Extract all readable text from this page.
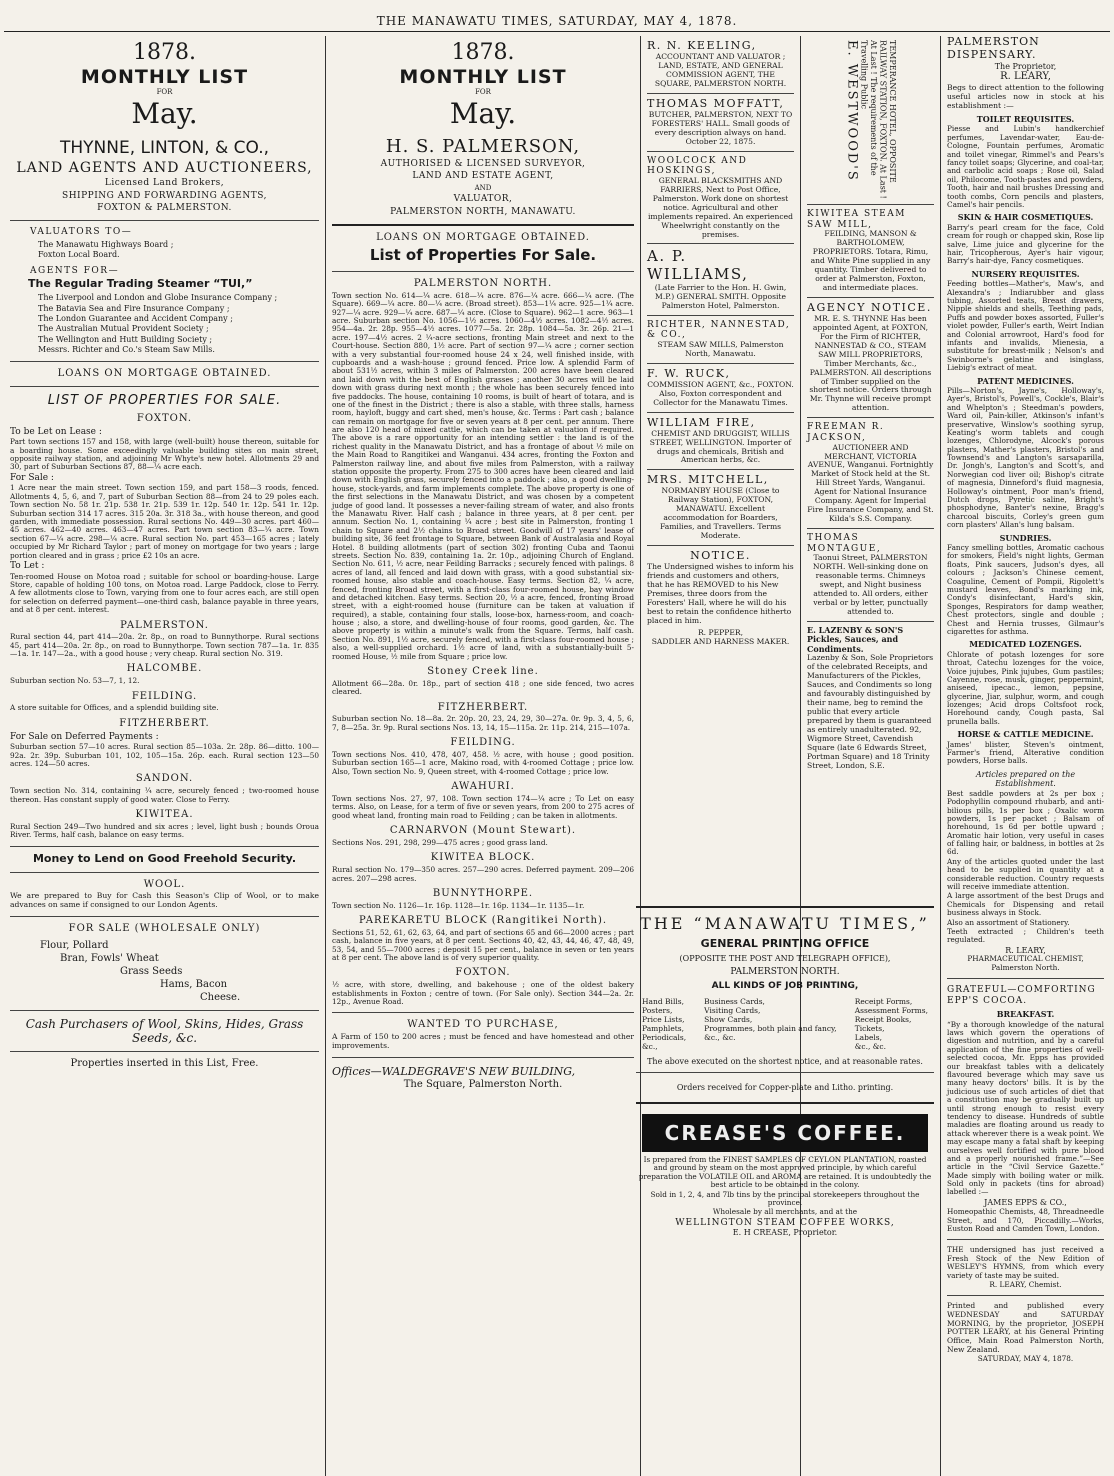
THE MANAWATU TIMES, SATURDAY, MAY 4, 1878.
1878.
MONTHLY LIST
FOR
May.
THYNNE, LINTON, & CO.,
LAND AGENTS AND AUCTIONEERS,
Licensed Land Brokers,
SHIPPING AND FORWARDING AGENTS,
FOXTON & PALMERSTON.
VALUATORS TO—
The Manawatu Highways Board ;
Foxton Local Board.
AGENTS FOR—
The Regular Trading Steamer “TUI,”
The Liverpool and London and Globe Insurance Company ;
The Batavia Sea and Fire Insurance Company ;
The London Guarantee and Accident Company ;
The Australian Mutual Provident Society ;
The Wellington and Hutt Building Society ;
Messrs. Richter and Co.'s Steam Saw Mills.
LOANS ON MORTGAGE OBTAINED.
LIST OF PROPERTIES FOR SALE.
FOXTON.
To be Let on Lease :
Part town sections 157 and 158, with large (well-built) house thereon, suitable for a boarding house. Some exceedingly valuable building sites on main street, opposite railway station, and adjoining Mr Whyte's new hotel. Allotments 29 and 30, part of Suburban Sections 87, 88—¼ acre each.
For Sale :
1 Acre near the main street. Town section 159, and part 158—3 roods, fenced. Allotments 4, 5, 6, and 7, part of Suburban Section 88—from 24 to 29 poles each. Town section No. 58 1r. 21p. 538 1r. 21p. 539 1r. 12p. 540 1r. 12p. 541 1r. 12p. Suburban section 314 17 acres. 315 20a. 3r. 318 3a., with house thereon, and good garden, with immediate possession. Rural sections No. 449—30 acres. part 460—45 acres. 462—40 acres. 463—47 acres. Part town section 83—¼ acre. Town section 67—¼ acre. 298—¼ acre. Rural section No. part 453—165 acres ; lately occupied by Mr Richard Taylor ; part of money on mortgage for two years ; large portion cleared and in grass ; price £2 10s an acre.
To Let :
Ten-roomed House on Motoa road ; suitable for school or boarding-house. Large Store, capable of holding 100 tons, on Motoa road. Large Paddock, close to Ferry. A few allotments close to Town, varying from one to four acres each, are still open for selection on deferred payment—one-third cash, balance payable in three years, and at 8 per cent. interest.
PALMERSTON.
Rural section 44, part 414—20a. 2r. 8p., on road to Bunnythorpe. Rural sections 45, part 414—20a. 2r. 8p., on road to Bunnythorpe. Town section 787—1a. 1r. 835—1a. 1r. 147—2a., with a good house ; very cheap. Rural section No. 319.
HALCOMBE.
Suburban section No. 53—7, 1, 12.
FEILDING.
A store suitable for Offices, and a splendid building site.
FITZHERBERT.
For Sale on Deferred Payments :
Suburban section 57—10 acres. Rural section 85—103a. 2r. 28p. 86—ditto. 100—92a. 2r. 39p. Suburban 101, 102, 105—15a. 26p. each. Rural section 123—50 acres. 124—50 acres.
SANDON.
Town section No. 314, containing ¼ acre, securely fenced ; two-roomed house thereon. Has constant supply of good water. Close to Ferry.
KIWITEA.
Rural Section 249—Two hundred and six acres ; level, light bush ; bounds Oroua River. Terms, half cash, balance on easy terms.
Money to Lend on Good Freehold Security.
WOOL.
We are prepared to Buy for Cash this Season's Clip of Wool, or to make advances on same if consigned to our London Agents.
FOR SALE (WHOLESALE ONLY)
Flour, Pollard
Bran, Fowls' Wheat
Grass Seeds
Hams, Bacon
Cheese.
Cash Purchasers of Wool, Skins, Hides, Grass Seeds, &c.
Properties inserted in this List, Free.
1878.
MONTHLY LIST
FOR
May.
H. S. PALMERSON,
AUTHORISED & LICENSED SURVEYOR,
LAND AND ESTATE AGENT,
AND
VALUATOR,
PALMERSTON NORTH, MANAWATU.
LOANS ON MORTGAGE OBTAINED.
List of Properties For Sale.
PALMERSTON NORTH.
Town section No. 614—¼ acre. 618—¼ acre. 876—¼ acre. 666—¼ acre. (The Square). 669—¼ acre. 80—¼ acre. (Broad street). 853—1¼ acre. 925—1¼ acre. 927—¼ acre. 929—¼ acre. 687—¼ acre. (Close to Square). 962—1 acre. 963—1 acre. Suburban section No. 1056—1½ acres. 1060—4½ acres. 1082—4½ acres. 954—4a. 2r. 28p. 955—4½ acres. 1077—5a. 2r. 28p. 1084—5a. 3r. 26p. 21—1 acre. 197—4½ acres. 2 ¼-acre sections, fronting Main street and next to the Court-house. Section 880, 1½ acre. Part of section 97—¼ acre ; corner section with a very substantial four-roomed house 24 x 24, well finished inside, with cupboards and a wash-house ; ground fenced. Price low. A splendid Farm of about 531½ acres, within 3 miles of Palmerston. 200 acres have been cleared and laid down with the best of English grasses ; another 30 acres will be laid down with grass during next month ; the whole has been securely fenced into five paddocks. The house, containing 10 rooms, is built of heart of totara, and is one of the finest in the District ; there is also a stable, with three stalls, harness room, hayloft, buggy and cart shed, men's house, &c. Terms : Part cash ; balance can remain on mortgage for five or seven years at 8 per cent. per annum. There are also 120 head of mixed cattle, which can be taken at valuation if required. The above is a rare opportunity for an intending settler : the land is of the richest quality in the Manawatu District, and has a frontage of about ½ mile on the Main Road to Rangitikei and Wanganui. 434 acres, fronting the Foxton and Palmerston railway line, and about five miles from Palmerston, with a railway station opposite the property. From 275 to 300 acres have been cleared and laid down with English grass, securely fenced into a paddock ; also, a good dwelling-house, stock-yards, and farm implements complete. The above property is one of the first selections in the Manawatu District, and was chosen by a competent judge of good land. It possesses a never-failing stream of water, and also fronts the Manawatu River. Half cash ; balance in three years, at 8 per cent. per annum. Section No. 1, containing ¼ acre ; best site in Palmerston, fronting 1 chain to Square and 2½ chains to Broad street. Goodwill of 17 years' lease of building site, 36 feet frontage to Square, between Bank of Australasia and Royal Hotel. 8 building allotments (part of section 302) fronting Cuba and Taonui streets. Section No. 839, containing 1a. 2r. 10p., adjoining Church of England. Section No. 611, ½ acre, near Feilding Barracks ; securely fenced with palings. 8 acres of land, all fenced and laid down with grass, with a good substantial six-roomed house, also stable and coach-house. Easy terms. Section 82, ¼ acre, fenced, fronting Broad street, with a first-class four-roomed house, bay window and detached kitchen. Easy terms. Section 20, ½ a acre, fenced, fronting Broad street, with a eight-roomed house (furniture can be taken at valuation if required), a stable, containing four stalls, loose-box, harness-room, and coach-house ; also, a store, and dwelling-house of four rooms, good garden, &c. The above property is within a minute's walk from the Square. Terms, half cash. Section No. 891, 1½ acre, securely fenced, with a first-class four-roomed house ; also, a well-supplied orchard. 1½ acre of land, with a substantially-built 5-roomed House, ½ mile from Square ; price low.
Stoney Creek line.
Allotment 66—28a. 0r. 18p., part of section 418 ; one side fenced, two acres cleared.
FITZHERBERT.
Suburban section No. 18—8a. 2r. 20p. 20, 23, 24, 29, 30—27a. 0r. 9p. 3, 4, 5, 6, 7, 8—25a. 3r. 9p. Rural sections Nos. 13, 14, 15—115a. 2r. 11p. 214, 215—107a.
FEILDING.
Town sections Nos. 410, 478, 407, 458. ½ acre, with house ; good position. Suburban section 165—1 acre, Makino road, with 4-roomed Cottage ; price low. Also, Town section No. 9, Queen street, with 4-roomed Cottage ; price low.
AWAHURI.
Town sections Nos. 27, 97, 108. Town section 174—¼ acre ; To Let on easy terms. Also, on Lease, for a term of five or seven years, from 200 to 275 acres of good wheat land, fronting main road to Feilding ; can be taken in allotments.
CARNARVON (Mount Stewart).
Sections Nos. 291, 298, 299—475 acres ; good grass land.
KIWITEA BLOCK.
Rural section No. 179—350 acres. 257—290 acres. Deferred payment. 209—206 acres. 207—298 acres.
BUNNYTHORPE.
Town section No. 1126—1r. 16p. 1128—1r. 16p. 1134—1r. 1135—1r.
PAREKARETU BLOCK (Rangitikei North).
Sections 51, 52, 61, 62, 63, 64, and part of sections 65 and 66—2000 acres ; part cash, balance in five years, at 8 per cent. Sections 40, 42, 43, 44, 46, 47, 48, 49, 53, 54, and 55—7000 acres ; deposit 15 per cent., balance in seven or ten years at 8 per cent. The above land is of very superior quality.
FOXTON.
½ acre, with store, dwelling, and bakehouse ; one of the oldest bakery establishments in Foxton ; centre of town. (For Sale only). Section 344—2a. 2r. 12p., Avenue Road.
WANTED TO PURCHASE,
A Farm of 150 to 200 acres ; must be fenced and have homestead and other improvements.
Offices—WALDEGRAVE'S NEW BUILDING,
The Square, Palmerston North.
R. N. KEELING,
ACCOUNTANT AND VALUATOR ; LAND, ESTATE, AND GENERAL COMMISSION AGENT, THE SQUARE, PALMERSTON NORTH.
THOMAS MOFFATT,
BUTCHER, PALMERSTON, NEXT TO FORESTERS' HALL. Small goods of every description always on hand. October 22, 1875.
WOOLCOCK AND HOSKINGS,
GENERAL BLACKSMITHS AND FARRIERS, Next to Post Office, Palmerston. Work done on shortest notice. Agricultural and other implements repaired. An experienced Wheelwright constantly on the premises.
A. P. WILLIAMS,
(Late Farrier to the Hon. H. Gwin, M.P.) GENERAL SMITH. Opposite Palmerston Hotel, Palmerston.
RICHTER, NANNESTAD, & CO.,
STEAM SAW MILLS, Palmerston North, Manawatu.
F. W. RUCK,
COMMISSION AGENT, &c., FOXTON. Also, Foxton correspondent and Collector for the Manawatu Times.
WILLIAM FIRE,
CHEMIST AND DRUGGIST, WILLIS STREET, WELLINGTON. Importer of drugs and chemicals, British and American herbs, &c.
MRS. MITCHELL,
NORMANBY HOUSE (Close to Railway Station), FOXTON, MANAWATU. Excellent accommodation for Boarders, Families, and Travellers. Terms Moderate.
NOTICE.
The Undersigned wishes to inform his friends and customers and others, that he has REMOVED to his New Premises, three doors from the Foresters' Hall, where he will do his best to retain the confidence hitherto placed in him.
R. PEPPER,
SADDLER AND HARNESS MAKER.
E. WESTWOOD'S	TEMPERANCE HOTEL, OPPOSITE RAILWAY STATION, FOXTON. At Last ! At Last ! The requirements of the Travelling Public
KIWITEA STEAM SAW MILL,
FEILDING, MANSON & BARTHOLOMEW, PROPRIETORS. Totara, Rimu, and White Pine supplied in any quantity. Timber delivered to order at Palmerston, Foxton, and intermediate places.
AGENCY NOTICE.
MR. E. S. THYNNE Has been appointed Agent, at FOXTON, For the Firm of RICHTER, NANNESTAD & CO., STEAM SAW MILL PROPRIETORS, Timber Merchants, &c., PALMERSTON. All descriptions of Timber supplied on the shortest notice. Orders through Mr. Thynne will receive prompt attention.
FREEMAN R. JACKSON,
AUCTIONEER AND MERCHANT, VICTORIA AVENUE, Wanganui. Fortnightly Market of Stock held at the St. Hill Street Yards, Wanganui. Agent for National Insurance Company. Agent for Imperial Fire Insurance Company, and St. Kilda's S.S. Company.
THOMAS MONTAGUE,
Taonui Street, PALMERSTON NORTH. Well-sinking done on reasonable terms. Chimneys swept, and Night business attended to. All orders, either verbal or by letter, punctually attended to.
E. LAZENBY & SON'S Pickles, Sauces, and Condiments.
Lazenby & Son, Sole Proprietors of the celebrated Receipts, and Manufacturers of the Pickles, Sauces, and Condiments so long and favourably distinguished by their name, beg to remind the public that every article prepared by them is guaranteed as entirely unadulterated. 92, Wigmore Street, Cavendish Square (late 6 Edwards Street, Portman Square) and 18 Trinity Street, London, S.E.
PALMERSTON DISPENSARY.
The Proprietor,
R. LEARY,
Begs to direct attention to the following useful articles now in stock at his establishment :—
TOILET REQUISITES.
Piesse and Lubin's handkerchief perfumes, Lavendar-water, Eau-de-Cologne, Fountain perfumes, Aromatic and toilet vinegar, Rimmel's and Pears's fancy toilet soaps; Glycerine, and coal-tar, and carbolic acid soaps ; Rose oil, Salad oil, Philocome, Tooth-pastes and powders, Tooth, hair and nail brushes Dressing and tooth combs, Corn pencils and plasters, Camel's hair pencils.
SKIN & HAIR COSMETIQUES.
Barry's pearl cream for the face, Cold cream for rough or chapped skin, Rose lip salve, Lime juice and glycerine for the hair, Tricopherous, Ayer's hair vigour, Barry's hair-dye, Fancy cosmetiques.
NURSERY REQUISITES.
Feeding bottles—Mather's, Maw's, and Alexandra's ; Indiarubber and glass tubing, Assorted teats, Breast drawers, Nipple shields and shells, Teething pads, Puffs and powder boxes assorted, Fuller's violet powder, Fuller's earth, Weirt Indian and Colonial arrowroot, Hard's food for infants and invalids, Mienesia, a substitute for breast-milk ; Nelson's and Swinborne's gelatine and isinglass, Liebig's extract of meat.
PATENT MEDICINES.
Pills—Norton's, Jayne's, Holloway's, Ayer's, Bristol's, Powell's, Cockle's, Blair's and Whelpton's ; Steedman's powders, Ward oil, Pain-killer, Atkinson's infant's preservative, Winslow's soothing syrup, Keating's worm tablets and cough lozenges, Chlorodyne, Alcock's porous plasters, Mather's plasters, Bristol's and Townsend's and Langton's sarsaparilla, Dr. Jongh's, Langton's and Scott's, and Norwegian cod liver oil; Bishop's citrate of magnesia, Dinneford's fluid magnesia, Holloway's ointment, Poor man's friend, Dutch drops, Pyretic saline, Bright's phosphodyne, Banter's nexine, Bragg's charcoal biscuits, Corley's green gum corn plasters' Allan's lung balsam.
SUNDRIES.
Fancy smelling bottles, Aromatic cachous for smokers, Field's night lights, German floats, Pink saucers, Judson's dyes, all colours ; Jackson's Chinese cement, Coaguline, Cement of Pompii, Rigolett's mustard leaves, Bond's marking ink, Condy's disinfectant, Hard's skin, Sponges, Respirators for damp weather, Chest protectors, single and double ; Chest and Hernia trusses, Gilmaur's cigarettes for asthma.
MEDICATED LOZENGES.
Chlorate of potash lozenges for sore throat, Catechu lozenges for the voice, Voice jujubes, Pink jujubes, Gum pastiles; Cayenne, rose, musk, ginger, peppermint, aniseed, ipecac., lemon, pepsine, glycerine, Jiar, sulphur, worm, and cough lozenges; Acid drops Coltsfoot rock, Horehound candy, Cough pasta, Sal prunella balls.
HORSE & CATTLE MEDICINE.
James' blister, Steven's ointment, Farmer's friend, Alterative condition powders, Horse balls.
Articles prepared on the Establishment.
Best saddle powders at 2s per box ; Podophyllin compound rhubarb, and anti-bilious pills, 1s per box ; Oxalic worm powders, 1s per packet ; Balsam of horehound, 1s 6d per bottle upward ; Aromatic hair lotion, very useful in cases of falling hair, or baldness, in bottles at 2s 6d.
Any of the articles quoted under the last head to be supplied in quantity at a considerable reduction. Country requests will receive immediate attention.
A large assortment of the best Drugs and Chemicals for Dispensing and retail business always in Stock.
Also an assortment of Stationery.
Teeth extracted ; Children's teeth regulated.
R. LEARY,
PHARMACEUTICAL CHEMIST, Palmerston North.
GRATEFUL—COMFORTING EPP'S COCOA.
BREAKFAST.
“By a thorough knowledge of the natural laws which govern the operations of digestion and nutrition, and by a careful application of the fine properties of well-selected cocoa, Mr. Epps has provided our breakfast tables with a delicately flavoured beverage which may save us many heavy doctors' bills. It is by the judicious use of such articles of diet that a constitution may be gradually built up until strong enough to resist every tendency to disease. Hundreds of subtle maladies are floating around us ready to attack wherever there is a weak point. We may escape many a fatal shaft by keeping ourselves well fortified with pure blood and a properly nourished frame.”—See article in the “Civil Service Gazette.” Made simply with boiling water or milk. Sold only in packets (tins for abroad) labelled :—
JAMES EPPS & CO.,
Homeopathic Chemists, 48, Threadneedle Street, and 170, Piccadilly.—Works, Euston Road and Camden Town, London.
THE undersigned has just received a Fresh Stock of the New Edition of WESLEY'S HYMNS, from which every variety of taste may be suited.
R. LEARY, Chemist.
Printed and published every WEDNESDAY and SATURDAY MORNING, by the proprietor, JOSEPH POTTER LEARY, at his General Printing Office, Main Road Palmerston North, New Zealand.
SATURDAY, MAY 4, 1878.
THE “MANAWATU TIMES,”
GENERAL PRINTING OFFICE
(OPPOSITE THE POST AND TELEGRAPH OFFICE),
PALMERSTON NORTH.
ALL KINDS OF JOB PRINTING,
Hand Bills,
Posters,
Price Lists,
Pamphlets,
Periodicals,
&c.,
Business Cards,
Visiting Cards,
Show Cards,
Programmes, both plain and fancy,
&c., &c.
Receipt Forms,
Assessment Forms,
Receipt Books,
Tickets,
Labels,
&c., &c.
The above executed on the shortest notice, and at reasonable rates.
Orders received for Copper-plate and Litho. printing.
CREASE'S COFFEE.
Is prepared from the FINEST SAMPLES OF CEYLON PLANTATION, roasted and ground by steam on the most approved principle, by which careful preparation the VOLATILE OIL and AROMA are retained. It is undoubtedly the best article to be obtained in the colony.
Sold in 1, 2, 4, and 7lb tins by the principal storekeepers throughout the province.
Wholesale by all merchants, and at the
WELLINGTON STEAM COFFEE WORKS,
E. H CREASE, Proprietor.
